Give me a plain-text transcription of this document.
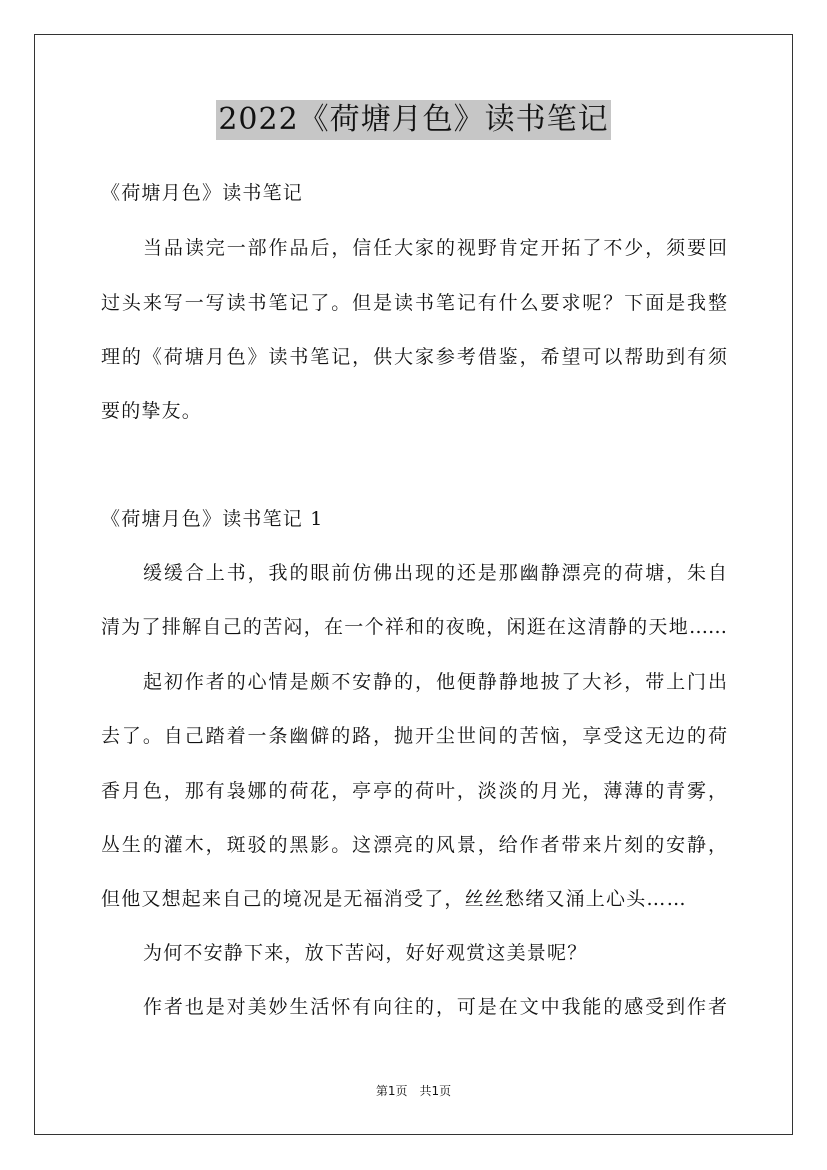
2022《荷塘月色》读书笔记
《荷塘月色》读书笔记
当品读完一部作品后，信任大家的视野肯定开拓了不少，须要回
过头来写一写读书笔记了。但是读书笔记有什么要求呢？下面是我整
理的《荷塘月色》读书笔记，供大家参考借鉴，希望可以帮助到有须
要的挚友。
《荷塘月色》读书笔记 1
缓缓合上书，我的眼前仿佛出现的还是那幽静漂亮的荷塘，朱自
清为了排解自己的苦闷，在一个祥和的夜晚，闲逛在这清静的天地……
起初作者的心情是颇不安静的，他便静静地披了大衫，带上门出
去了。自己踏着一条幽僻的路，抛开尘世间的苦恼，享受这无边的荷
香月色，那有袅娜的荷花，亭亭的荷叶，淡淡的月光，薄薄的青雾，
丛生的灌木，斑驳的黑影。这漂亮的风景，给作者带来片刻的安静，
但他又想起来自己的境况是无福消受了，丝丝愁绪又涌上心头……
为何不安静下来，放下苦闷，好好观赏这美景呢？
作者也是对美妙生活怀有向往的，可是在文中我能的感受到作者
第1页　共1页
